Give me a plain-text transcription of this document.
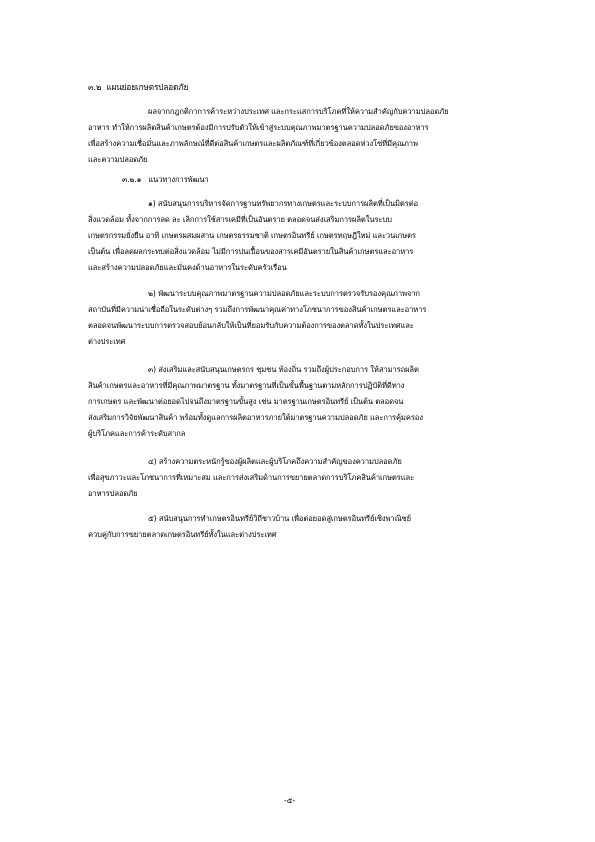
๓.๒ แผนย่อยเกษตรปลอดภัย
ผลจากกฎกติกาการค้าระหว่างประเทศ และกระแสการบริโภคที่ให้ความสำคัญกับความปลอดภัย
อาหาร ทำให้การผลิตสินค้าเกษตรต้องมีการปรับตัวให้เข้าสู่ระบบคุณภาพมาตรฐานความปลอดภัยของอาหาร
เพื่อสร้างความเชื่อมั่นและภาพลักษณ์ที่ดีต่อสินค้าเกษตรและผลิตภัณฑ์ที่เกี่ยวข้องตลอดห่วงโซ่ที่มีคุณภาพ
และความปลอดภัย
๓.๒.๑ แนวทางการพัฒนา
๑) สนับสนุนการบริหารจัดการฐานทรัพยากรทางเกษตรและระบบการผลิตที่เป็นมิตรต่อ
สิ่งแวดล้อม ทั้งจากการลด ละ เลิกการใช้สารเคมีที่เป็นอันตราย ตลอดจนส่งเสริมการผลิตในระบบ
เกษตรกรรมยั่งยืน อาทิ เกษตรผสมผสาน เกษตรธรรมชาติ เกษตรอินทรีย์ เกษตรทฤษฎีใหม่ และวนเกษตร
เป็นต้น เพื่อลดผลกระทบต่อสิ่งแวดล้อม ไม่มีการปนเปื้อนของสารเคมีอันตรายในสินค้าเกษตรและอาหาร
และสร้างความปลอดภัยและมั่นคงด้านอาหารในระดับครัวเรือน
๒) พัฒนาระบบคุณภาพมาตรฐานความปลอดภัยและระบบการตรวจรับรองคุณภาพจาก
สถาบันที่มีความน่าเชื่อถือในระดับต่างๆ รวมถึงการพัฒนาคุณค่าทางโภชนาการของสินค้าเกษตรและอาหาร
ตลอดจนพัฒนาระบบการตรวจสอบย้อนกลับให้เป็นที่ยอมรับกับความต้องการของตลาดทั้งในประเทศและ
ต่างประเทศ
๓) ส่งเสริมและสนับสนุนเกษตรกร ชุมชน ท้องถิ่น รวมถึงผู้ประกอบการ ให้สามารถผลิต
สินค้าเกษตรและอาหารที่มีคุณภาพมาตรฐาน ทั้งมาตรฐานที่เป็นขั้นพื้นฐานตามหลักการปฏิบัติที่ดีทาง
การเกษตร และพัฒนาต่อยอดไปจนถึงมาตรฐานขั้นสูง เช่น มาตรฐานเกษตรอินทรีย์ เป็นต้น ตลอดจน
ส่งเสริมการวิจัยพัฒนาสินค้า พร้อมทั้งดูแลการผลิตอาหารภายใต้มาตรฐานความปลอดภัย และการคุ้มครอง
ผู้บริโภคและการค้าระดับสากล
๔) สร้างความตระหนักรู้ของผู้ผลิตและผู้บริโภคถึงความสำคัญของความปลอดภัย
เพื่อสุขภาวะและโภชนาการที่เหมาะสม และการส่งเสริมด้านการขยายตลาดการบริโภคสินค้าเกษตรและ
อาหารปลอดภัย
๕) สนับสนุนการทำเกษตรอินทรีย์วิถีชาวบ้าน เพื่อต่อยอดสู่เกษตรอินทรีย์เชิงพาณิชย์
ควบคู่กับการขยายตลาดเกษตรอินทรีย์ทั้งในและต่างประเทศ
-๕-
